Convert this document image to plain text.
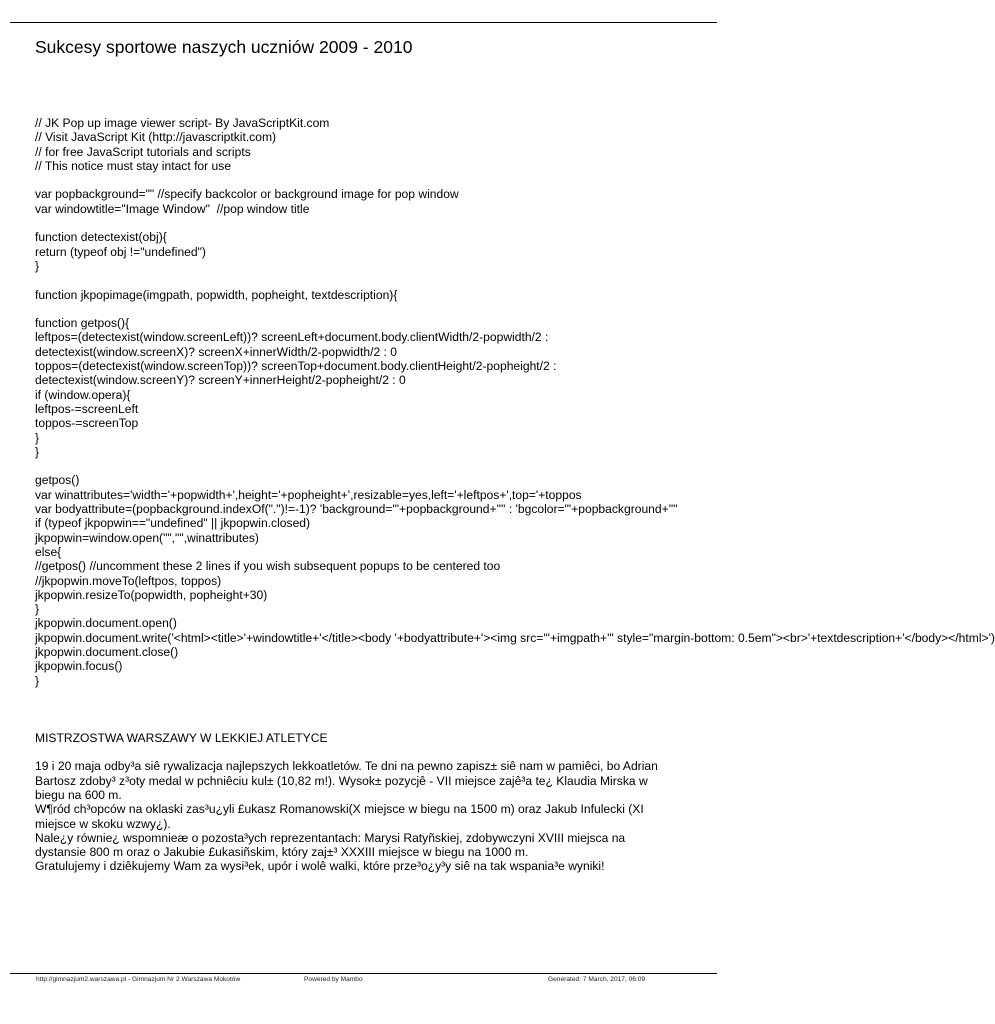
Sukcesy sportowe naszych uczniów 2009 - 2010
// JK Pop up image viewer script- By JavaScriptKit.com
// Visit JavaScript Kit (http://javascriptkit.com)
// for free JavaScript tutorials and scripts
// This notice must stay intact for use
var popbackground="" //specify backcolor or background image for pop window
var windowtitle="Image Window"  //pop window title
function detectexist(obj){
return (typeof obj !="undefined")
}
function jkpopimage(imgpath, popwidth, popheight, textdescription){
function getpos(){
leftpos=(detectexist(window.screenLeft))? screenLeft+document.body.clientWidth/2-popwidth/2 :
detectexist(window.screenX)? screenX+innerWidth/2-popwidth/2 : 0
toppos=(detectexist(window.screenTop))? screenTop+document.body.clientHeight/2-popheight/2 :
detectexist(window.screenY)? screenY+innerHeight/2-popheight/2 : 0
if (window.opera){
leftpos-=screenLeft
toppos-=screenTop
}
}
getpos()
var winattributes='width='+popwidth+',height='+popheight+',resizable=yes,left='+leftpos+',top='+toppos
var bodyattribute=(popbackground.indexOf(".")!=-1)? 'background="'+popbackground+'"' : 'bgcolor="'+popbackground+'"'
if (typeof jkpopwin=="undefined" || jkpopwin.closed)
jkpopwin=window.open("","",winattributes)
else{
//getpos() //uncomment these 2 lines if you wish subsequent popups to be centered too
//jkpopwin.moveTo(leftpos, toppos)
jkpopwin.resizeTo(popwidth, popheight+30)
}
jkpopwin.document.open()
jkpopwin.document.write('<html><title>'+windowtitle+'</title><body '+bodyattribute+'><img src="'+imgpath+'" style="margin-bottom: 0.5em"><br>'+textdescription+'</body></html>')
jkpopwin.document.close()
jkpopwin.focus()
}
MISTRZOSTWA WARSZAWY W LEKKIEJ ATLETYCE

19 i 20 maja odby³a siê rywalizacja najlepszych lekkoatletów. Te dni na pewno zapisz± siê nam w pamiêci, bo Adrian Bartosz zdoby³ z³oty medal w pchniêciu kul± (10,82 m!). Wysok± pozycjê - VII miejsce zajê³a te¿ Klaudia Mirska w biegu na 600 m.

W¶ród ch³opców na oklaski zas³u¿yli £ukasz Romanowski(X miejsce w biegu na 1500 m) oraz Jakub Infulecki (XI miejsce w skoku wzwy¿).

Nale¿y równie¿ wspomnieæ o pozosta³ych reprezentantach: Marysi Ratyñskiej, zdobywczyni XVIII miejsca na dystansie 800 m oraz o Jakubie £ukasiñskim, który zaj±³ XXXIII miejsce w biegu na 1000 m.

Gratulujemy i dziêkujemy Wam za wysi³ek, upór i wolê walki, które prze³o¿y³y siê na tak wspania³e wyniki!

http://gimnazjum2.warszawa.pl - Gimnazjum Nr 2 Warszawa Mokotów	Powered by Mambo	Generated: 7 March, 2017, 06:09
